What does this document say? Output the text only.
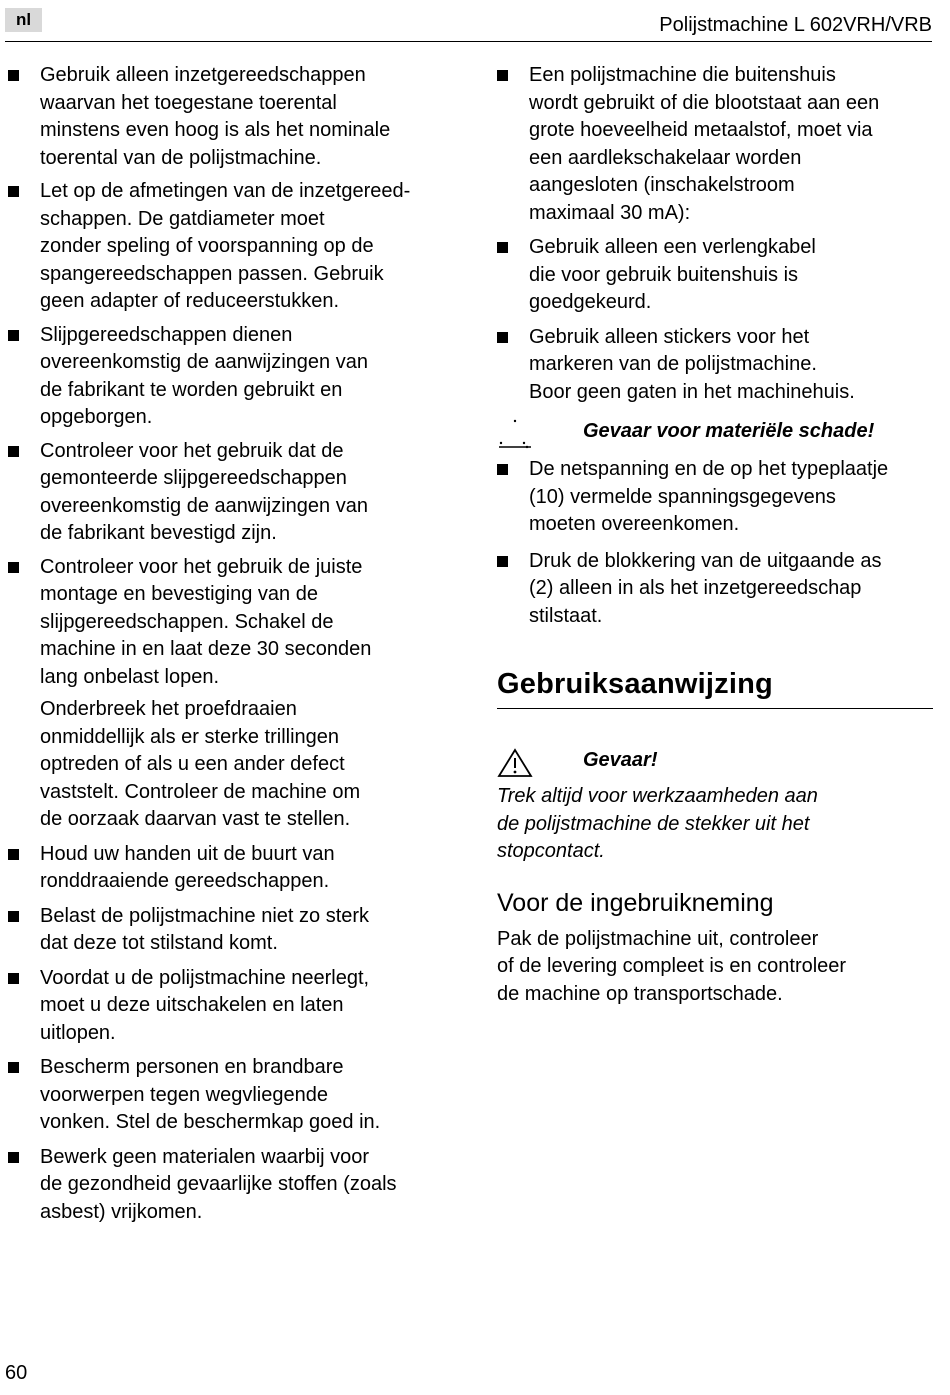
nl	Polijstmachine L 602VRH/VRB
Gebruik alleen inzetgereedschappen
waarvan het toegestane toerental
minstens even hoog is als het nominale
toerental van de polijstmachine.
Let op de afmetingen van de inzetgereed-
schappen. De gatdiameter moet
zonder speling of voorspanning op de
spangereedschappen passen. Gebruik
geen adapter of reduceerstukken.
Slijpgereedschappen dienen
overeenkomstig de aanwijzingen van
de fabrikant te worden gebruikt en
opgeborgen.
Controleer voor het gebruik dat de
gemonteerde slijpgereedschappen
overeenkomstig de aanwijzingen van
de fabrikant bevestigd zijn.
Controleer voor het gebruik de juiste
montage en bevestiging van de
slijpgereedschappen. Schakel de
machine in en laat deze 30 seconden
lang onbelast lopen.
Onderbreek het proefdraaien
onmiddellijk als er sterke trillingen
optreden of als u een ander defect
vaststelt. Controleer de machine om
de oorzaak daarvan vast te stellen.
Houd uw handen uit de buurt van
ronddraaiende gereedschappen.
Belast de polijstmachine niet zo sterk
dat deze tot stilstand komt.
Voordat u de polijstmachine neerlegt,
moet u deze uitschakelen en laten
uitlopen.
Bescherm personen en brandbare
voorwerpen tegen wegvliegende
vonken. Stel de beschermkap goed in.
Bewerk geen materialen waarbij voor
de gezondheid gevaarlijke stoffen (zoals
asbest) vrijkomen.
Een polijstmachine die buitenshuis
wordt gebruikt of die blootstaat aan een
grote hoeveelheid metaalstof, moet via
een aardlekschakelaar worden
aangesloten (inschakelstroom
maximaal 30 mA):
Gebruik alleen een verlengkabel
die voor gebruik buitenshuis is
goedgekeurd.
Gebruik alleen stickers voor het
markeren van de polijstmachine.
Boor geen gaten in het machinehuis.
Gevaar voor materiële schade!
De netspanning en de op het typeplaatje
(10) vermelde spanningsgegevens
moeten overeenkomen.
Druk de blokkering van de uitgaande as
(2) alleen in als het inzetgereedschap
stilstaat.
Gebruiksaanwijzing
Gevaar!
Trek altijd voor werkzaamheden aan
de polijstmachine de stekker uit het
stopcontact.
Voor de ingebruikneming
Pak de polijstmachine uit, controleer
of de levering compleet is en controleer
de machine op transportschade.
60
